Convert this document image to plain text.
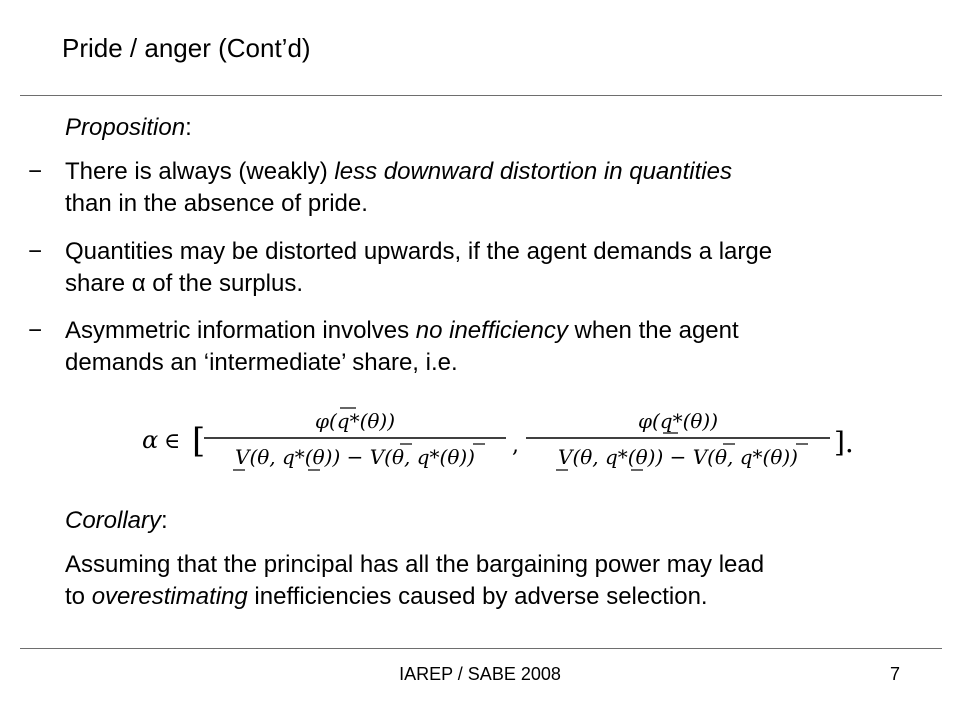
Pride / anger (Cont’d)
Proposition:
− There is always (weakly) less downward distortion in quantities
than in the absence of pride.
− Quantities may be distorted upwards, if the agent demands a large
share α of the surplus.
− Asymmetric information involves no inefficiency when the agent
demands an ‘intermediate’ share, i.e.
α ∈ [	φ(q*(θ))
V(θ, q*(θ)) − V(θ, q*(θ)) ,
φ(q*(θ))
V(θ, q*(θ)) − V(θ, q*(θ)) ].
Corollary:
Assuming that the principal has all the bargaining power may lead
to overestimating inefficiencies caused by adverse selection.
IAREP / SABE 2008	7
